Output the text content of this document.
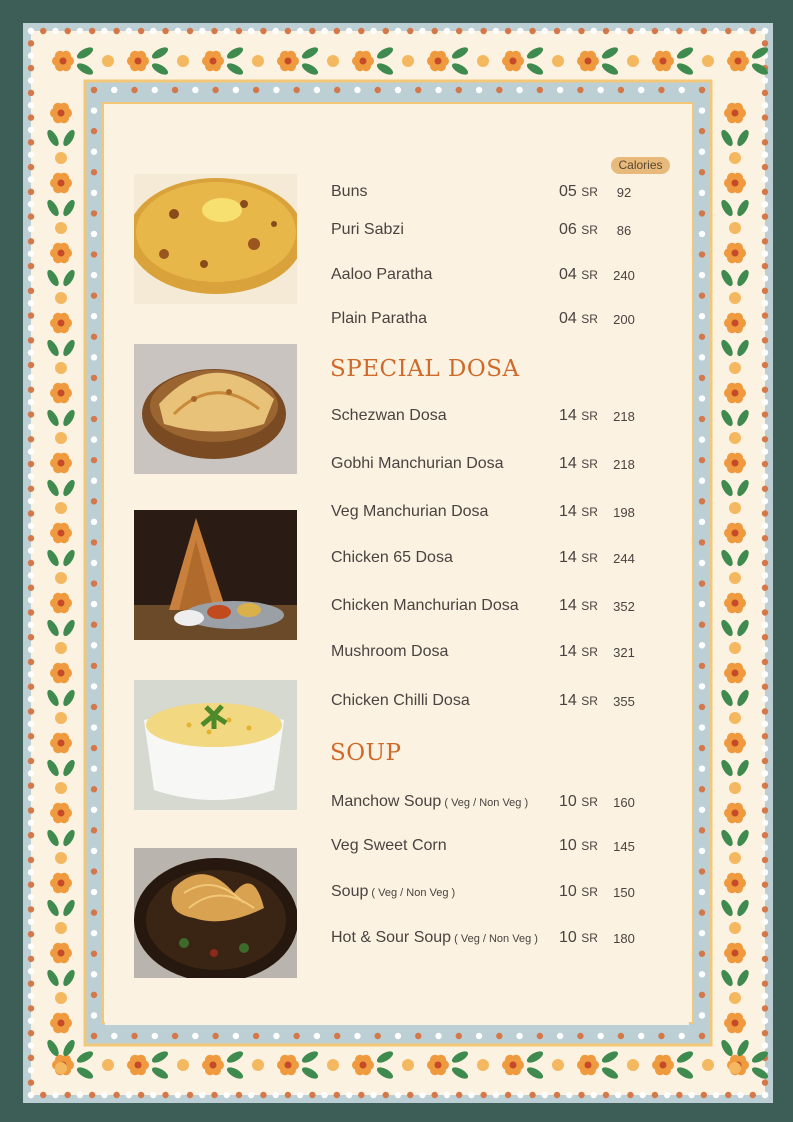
Calories
Buns	05 SR	92
Puri Sabzi	06 SR	86
Aaloo Paratha	04 SR	240
Plain Paratha	04 SR	200
SPECIAL DOSA
Schezwan Dosa	14 SR	218
Gobhi Manchurian Dosa	14 SR	218
Veg Manchurian Dosa	14 SR	198
Chicken 65 Dosa	14 SR	244
Chicken Manchurian Dosa	14 SR	352
Mushroom Dosa	14 SR	321
Chicken Chilli Dosa	14 SR	355
SOUP
Manchow Soup ( Veg / Non Veg ) 10 SR	160
Veg Sweet Corn	10 SR	145
Soup ( Veg / Non Veg )	10 SR	150
Hot & Sour Soup ( Veg / Non Veg ) 10 SR	180
